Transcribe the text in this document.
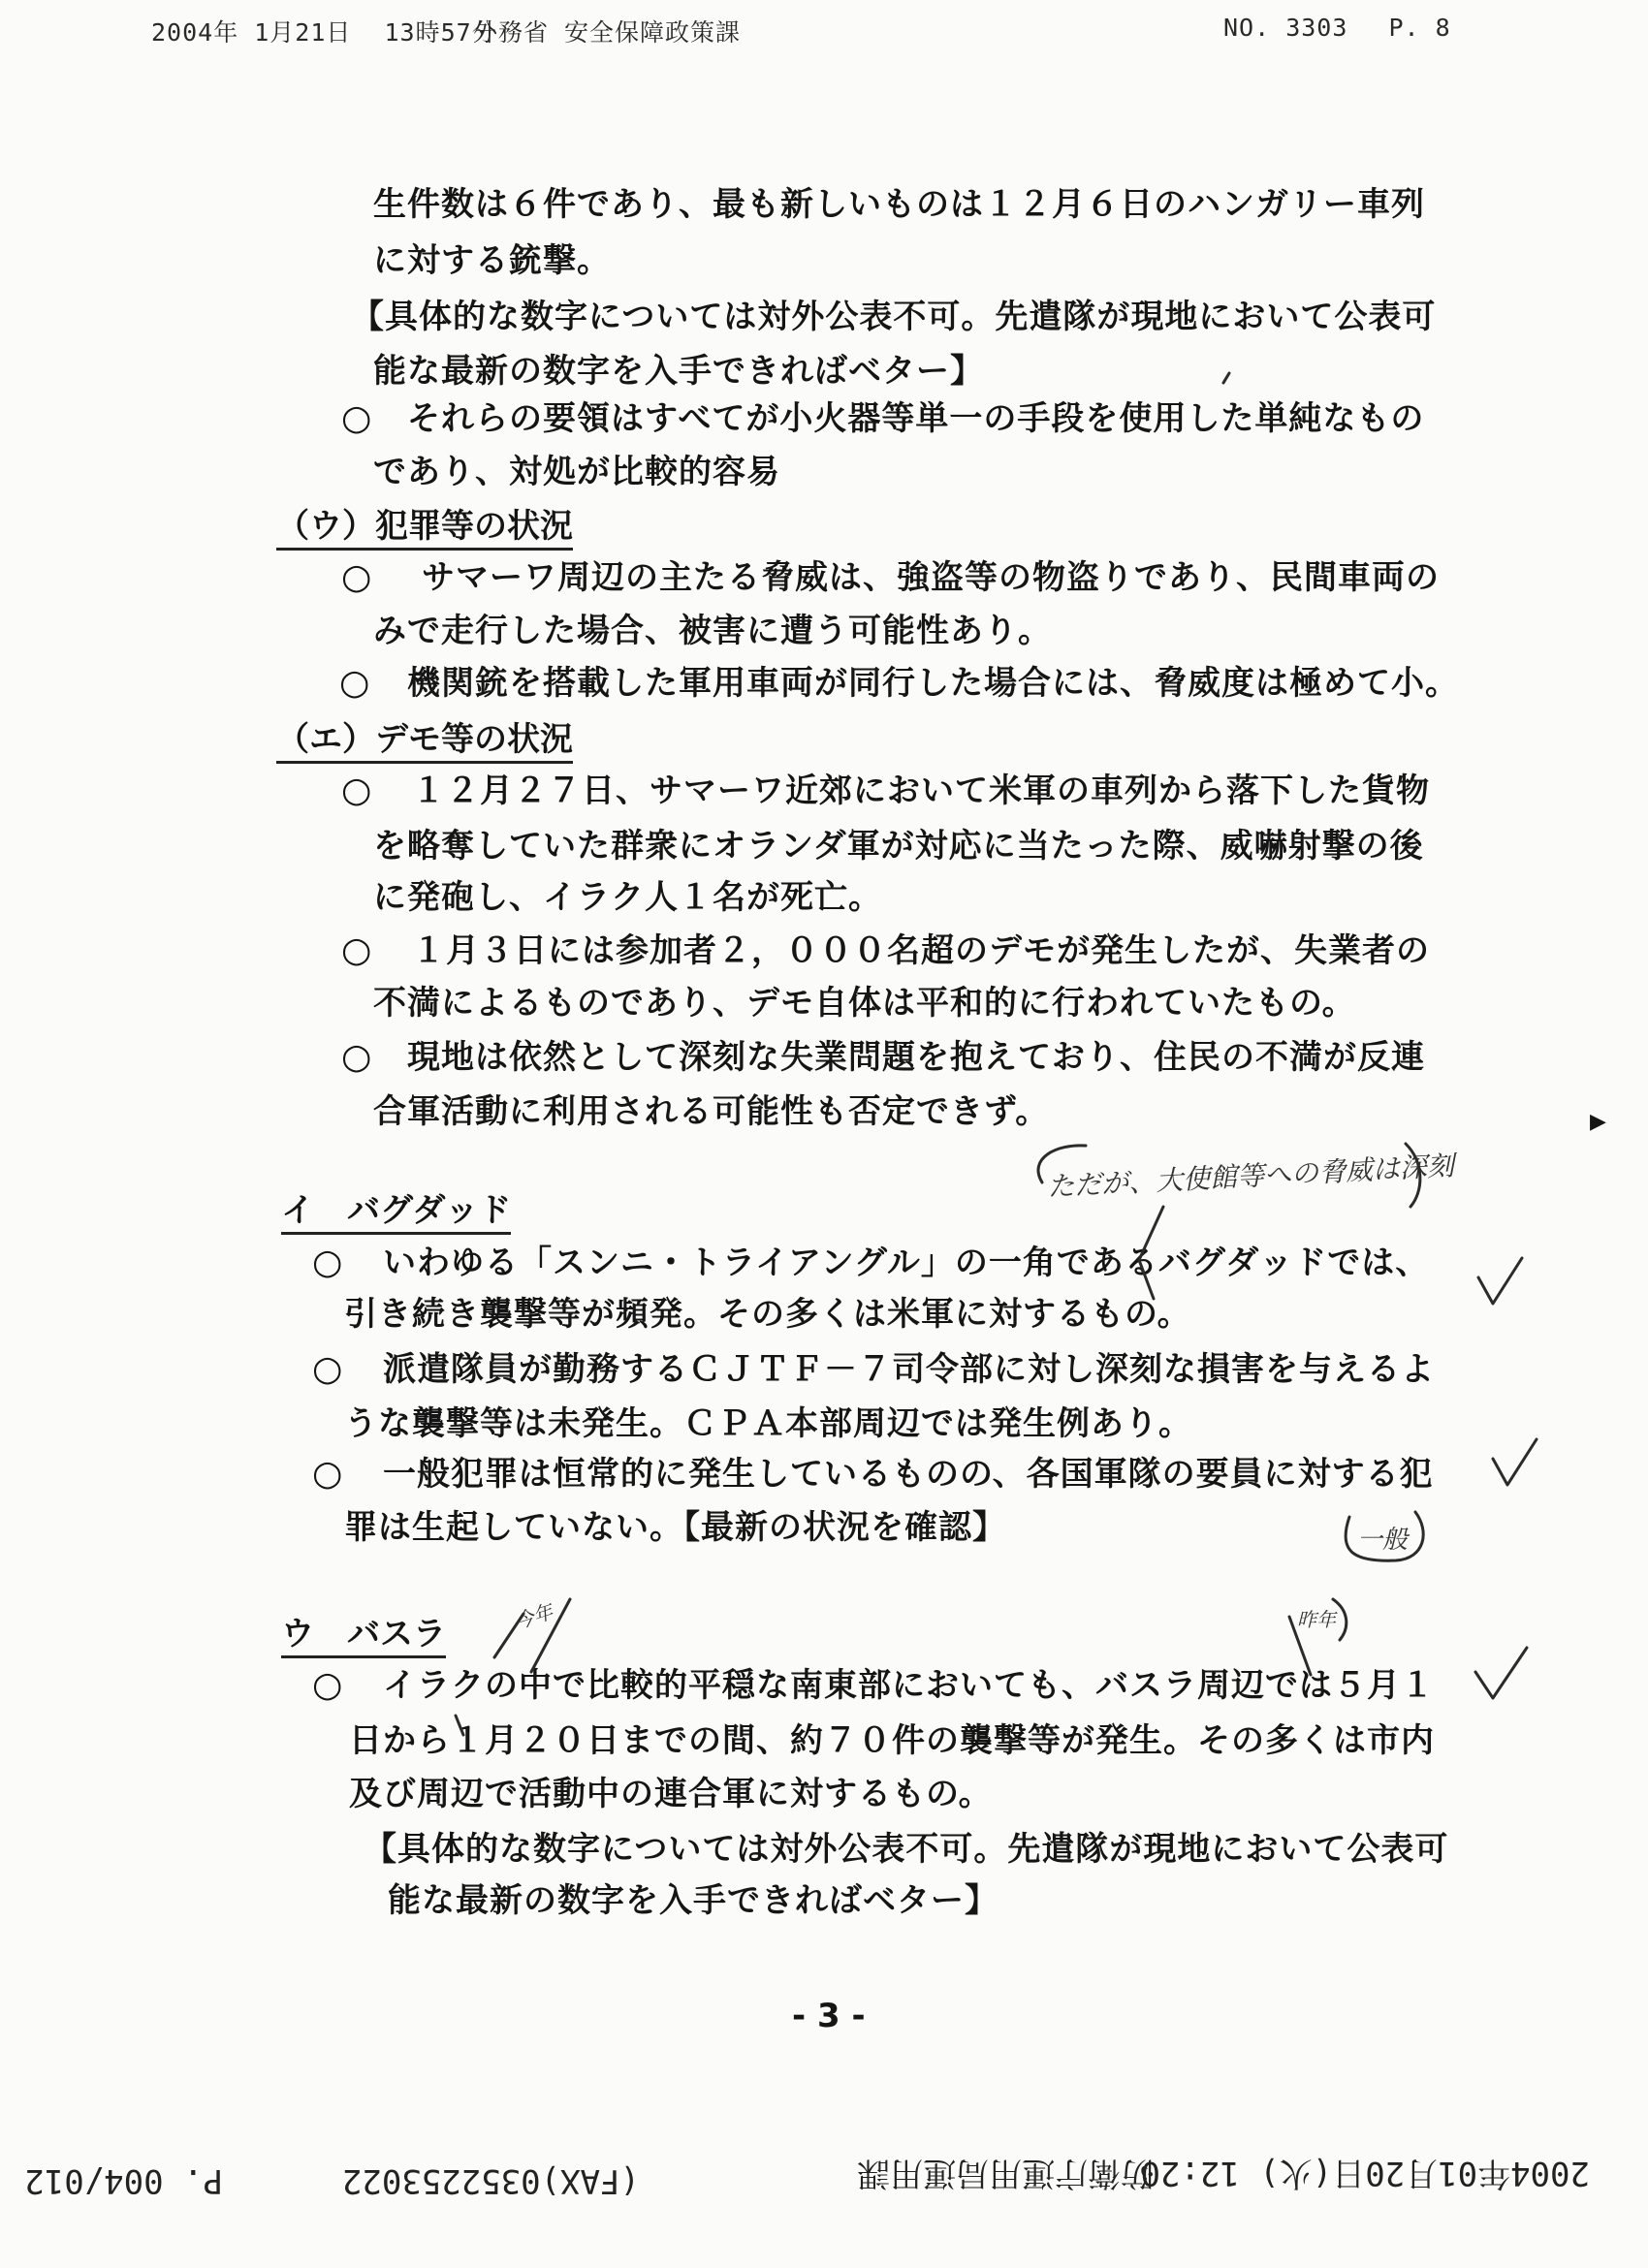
2004年 1月21日 13時57分
外務省 安全保障政策課	NO. 3303 P. 8
生件数は６件であり、最も新しいものは１２月６日のハンガリー車列
に対する銃撃。
【具体的な数字については対外公表不可。先遣隊が現地において公表可
能な最新の数字を入手できればベター】
○ それらの要領はすべてが小火器等単一の手段を使用した単純なもの
であり、対処が比較的容易
（ウ）犯罪等の状況
○ サマーワ周辺の主たる脅威は、強盗等の物盗りであり、民間車両の
みで走行した場合、被害に遭う可能性あり。
○ 機関銃を搭載した軍用車両が同行した場合には、脅威度は極めて小。
（エ）デモ等の状況
○ １２月２７日、サマーワ近郊において米軍の車列から落下した貨物
を略奪していた群衆にオランダ軍が対応に当たった際、威嚇射撃の後
に発砲し、イラク人１名が死亡。
○ １月３日には参加者２，０００名超のデモが発生したが、失業者の
不満によるものであり、デモ自体は平和的に行われていたもの。
○ 現地は依然として深刻な失業問題を抱えており、住民の不満が反連
合軍活動に利用される可能性も否定できず。	▶
イ　バグダッド
ただが、大使館等への脅威は深刻
○ いわゆる「スンニ・トライアングル」の一角であるバグダッドでは、
引き続き襲撃等が頻発。その多くは米軍に対するもの。
○ 派遣隊員が勤務するＣＪＴＦ－７司令部に対し深刻な損害を与えるよ
うな襲撃等は未発生。ＣＰＡ本部周辺では発生例あり。
○ 一般犯罪は恒常的に発生しているものの、各国軍隊の要員に対する犯
罪は生起していない。【最新の状況を確認】	一般
ウ　バスラ	今年	昨年
○ イラクの中で比較的平穏な南東部においても、バスラ周辺では５月１
日から１月２０日までの間、約７０件の襲撃等が発生。その多くは市内
及び周辺で活動中の連合軍に対するもの。
【具体的な数字については対外公表不可。先遣隊が現地において公表可
能な最新の数字を入手できればベター】
- 3 -
2004年01月20日(火) 12:20
防衛庁運用局運用課
(FAX)0352253022
P. 004/012
